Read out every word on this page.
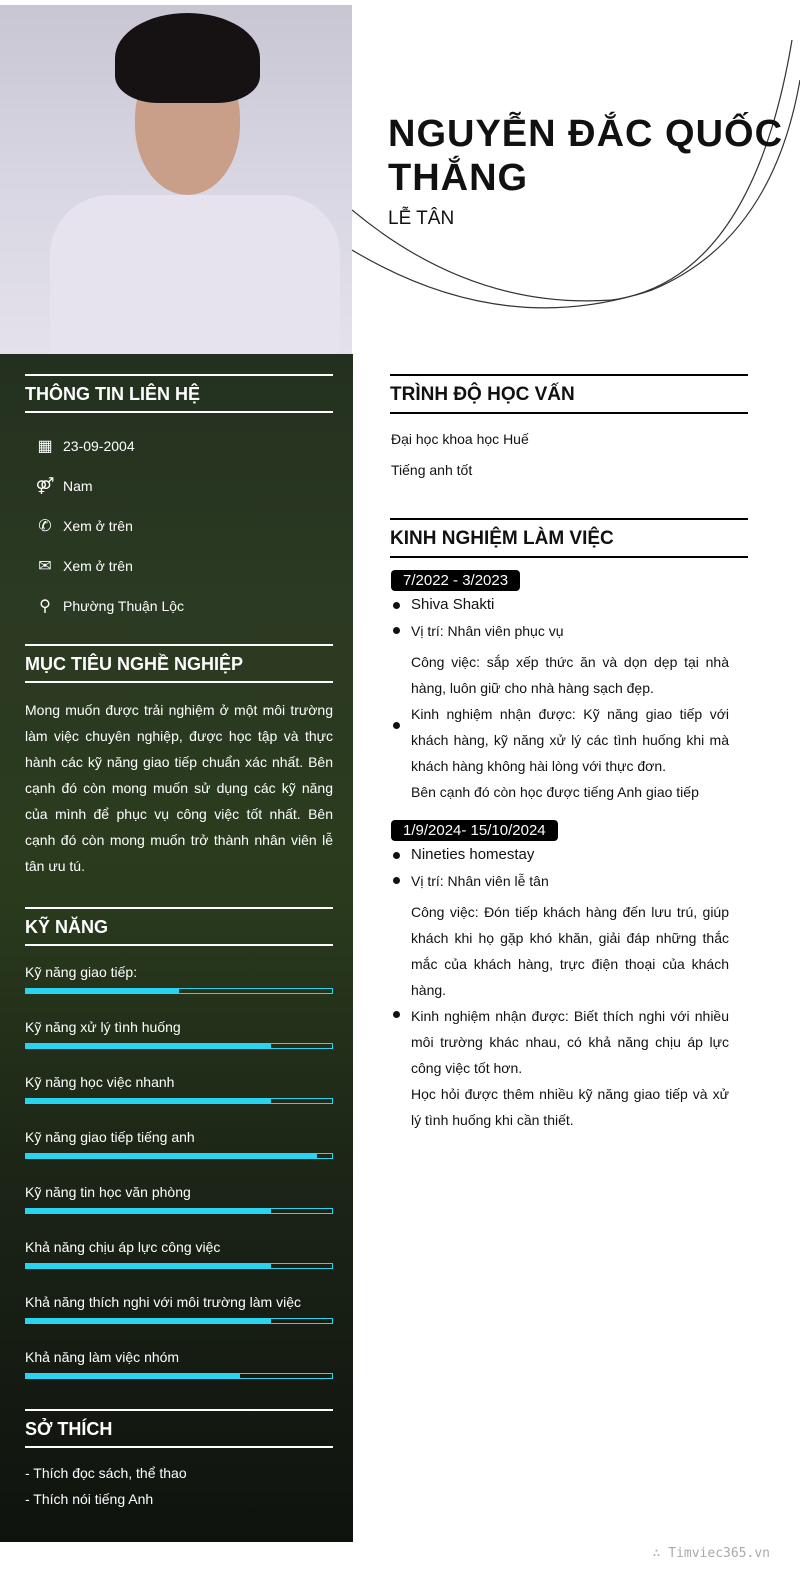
NGUYỄN ĐẮC QUỐC THẮNG
LỄ TÂN
THÔNG TIN LIÊN HỆ
▦ 23-09-2004
⚤ Nam
✆ Xem ở trên
✉ Xem ở trên
⚲ Phường Thuận Lộc
MỤC TIÊU NGHỀ NGHIỆP
Mong muốn được trải nghiệm ở một môi trường làm việc chuyên nghiệp, được học tập và thực hành các kỹ năng giao tiếp chuẩn xác nhất. Bên cạnh đó còn mong muốn sử dụng các kỹ năng của mình để phục vụ công việc tốt nhất. Bên cạnh đó còn mong muốn trở thành nhân viên lễ tân ưu tú.
KỸ NĂNG
Kỹ năng giao tiếp:
Kỹ năng xử lý tình huống
Kỹ năng học việc nhanh
Kỹ năng giao tiếp tiếng anh
Kỹ năng tin học văn phòng
Khả năng chịu áp lực công việc
Khả năng thích nghi với môi trường làm việc
Khả năng làm việc nhóm
SỞ THÍCH
- Thích đọc sách, thể thao
- Thích nói tiếng Anh
TRÌNH ĐỘ HỌC VẤN
Đại học khoa học Huế
Tiếng anh tốt
KINH NGHIỆM LÀM VIỆC
7/2022 - 3/2023
Shiva Shakti
Vị trí: Nhân viên phục vụ
Công việc: sắp xếp thức ăn và dọn dẹp tại nhà hàng, luôn giữ cho nhà hàng sạch đẹp.
Kinh nghiệm nhận được: Kỹ năng giao tiếp với khách hàng, kỹ năng xử lý các tình huống khi mà khách hàng không hài lòng với thực đơn.
Bên cạnh đó còn học được tiếng Anh giao tiếp
1/9/2024- 15/10/2024
Nineties homestay
Vị trí: Nhân viên lễ tân
Công việc: Đón tiếp khách hàng đến lưu trú, giúp khách khi họ gặp khó khăn, giải đáp những thắc mắc của khách hàng, trực điện thoại của khách hàng.
Kinh nghiệm nhận được: Biết thích nghi với nhiều môi trường khác nhau, có khả năng chịu áp lực công việc tốt hơn.
Học hỏi được thêm nhiều kỹ năng giao tiếp và xử lý tình huống khi cần thiết.
∴ Timviec365.vn
